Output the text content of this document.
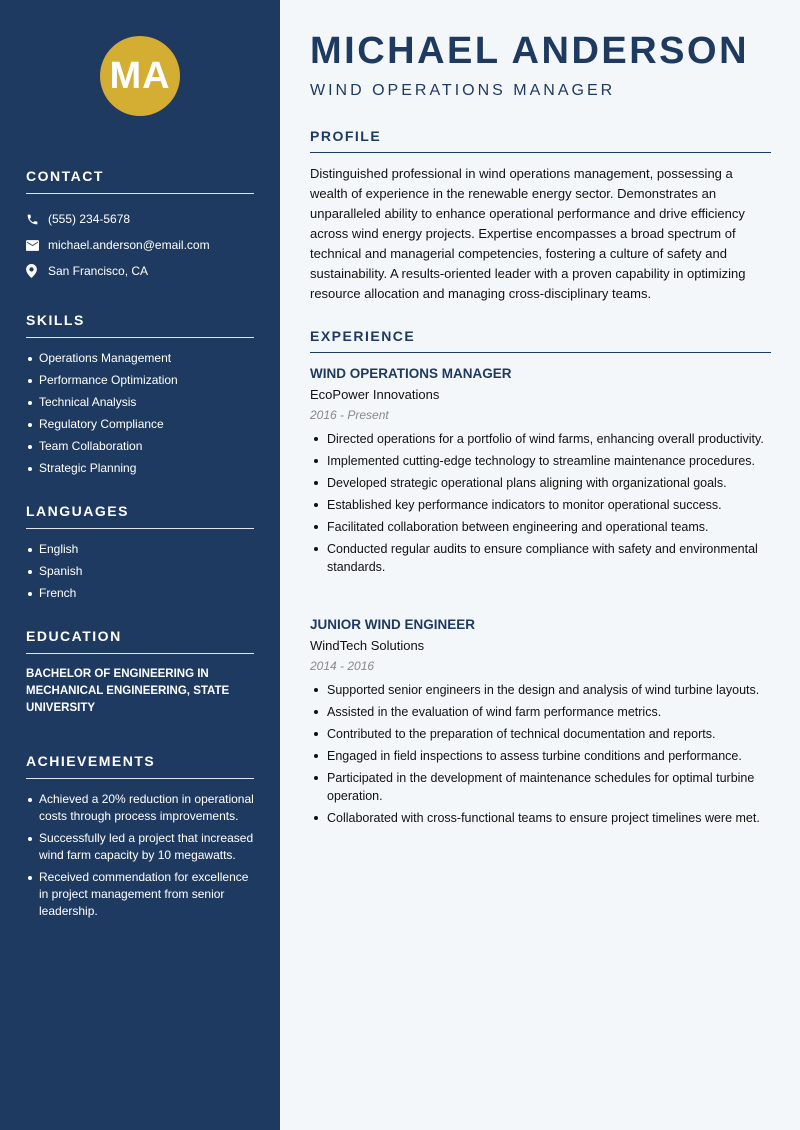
MA
CONTACT
(555) 234-5678
michael.anderson@email.com
San Francisco, CA
SKILLS
Operations Management
Performance Optimization
Technical Analysis
Regulatory Compliance
Team Collaboration
Strategic Planning
LANGUAGES
English
Spanish
French
EDUCATION
BACHELOR OF ENGINEERING IN MECHANICAL ENGINEERING, STATE UNIVERSITY
ACHIEVEMENTS
Achieved a 20% reduction in operational costs through process improvements.
Successfully led a project that increased wind farm capacity by 10 megawatts.
Received commendation for excellence in project management from senior leadership.
MICHAEL ANDERSON
WIND OPERATIONS MANAGER
PROFILE

Distinguished professional in wind operations management, possessing a wealth of experience in the renewable energy sector. Demonstrates an unparalleled ability to enhance operational performance and drive efficiency across wind energy projects. Expertise encompasses a broad spectrum of technical and managerial competencies, fostering a culture of safety and sustainability. A results-oriented leader with a proven capability in optimizing resource allocation and managing cross-disciplinary teams.

EXPERIENCE
WIND OPERATIONS MANAGER
EcoPower Innovations
2016 - Present
Directed operations for a portfolio of wind farms, enhancing overall productivity.
Implemented cutting-edge technology to streamline maintenance procedures.
Developed strategic operational plans aligning with organizational goals.
Established key performance indicators to monitor operational success.
Facilitated collaboration between engineering and operational teams.
Conducted regular audits to ensure compliance with safety and environmental standards.
JUNIOR WIND ENGINEER
WindTech Solutions
2014 - 2016
Supported senior engineers in the design and analysis of wind turbine layouts.
Assisted in the evaluation of wind farm performance metrics.
Contributed to the preparation of technical documentation and reports.
Engaged in field inspections to assess turbine conditions and performance.
Participated in the development of maintenance schedules for optimal turbine operation.
Collaborated with cross-functional teams to ensure project timelines were met.
